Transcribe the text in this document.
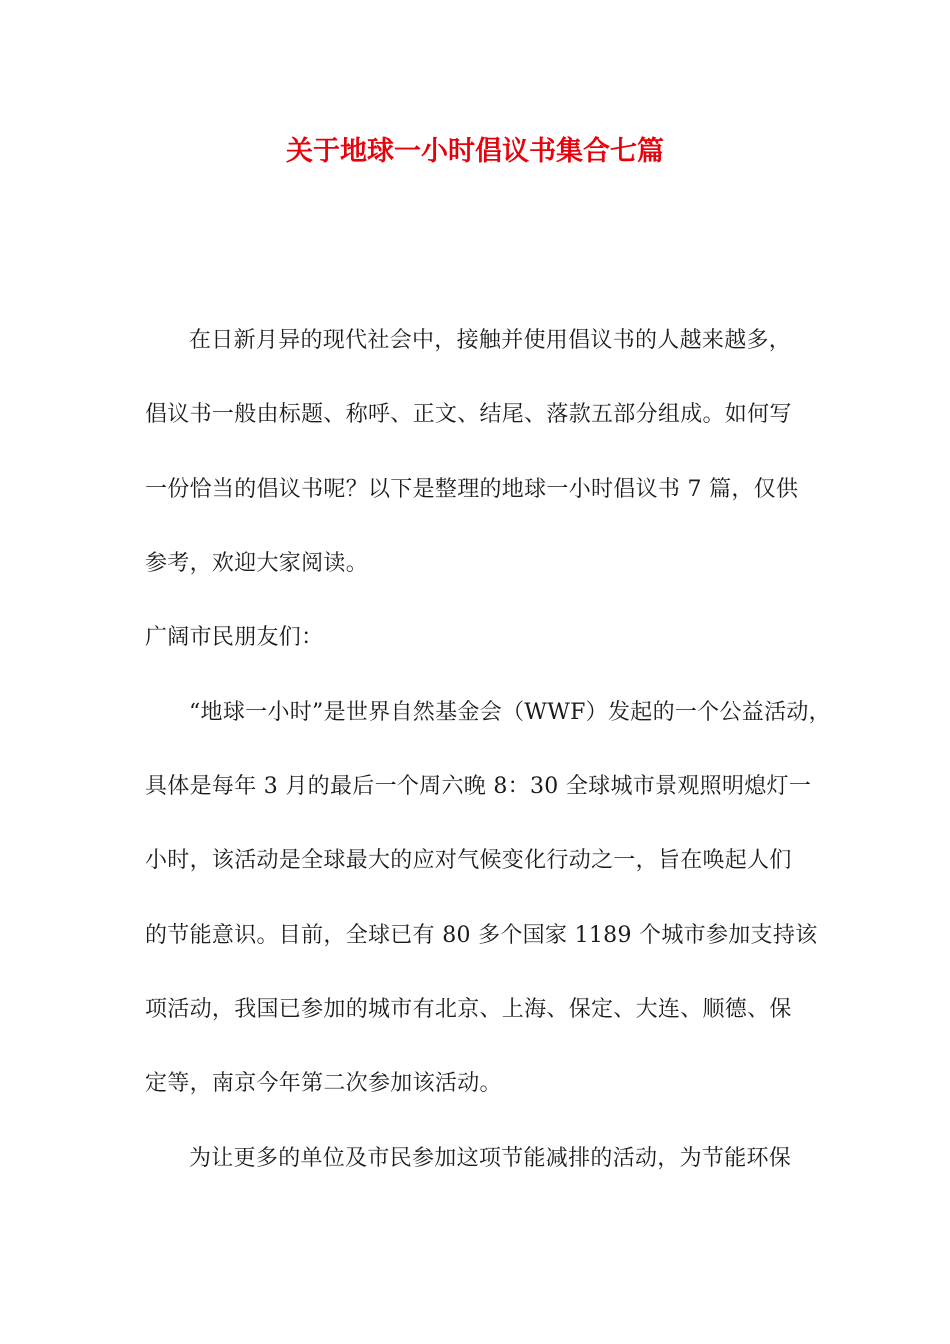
关于地球一小时倡议书集合七篇
在日新月异的现代社会中，接触并使用倡议书的人越来越多，
倡议书一般由标题、称呼、正文、结尾、落款五部分组成。如何写
一份恰当的倡议书呢？以下是整理的地球一小时倡议书 7 篇，仅供
参考，欢迎大家阅读。
广阔市民朋友们：
“地球一小时”是世界自然基金会（WWF）发起的一个公益活动，
具体是每年 3 月的最后一个周六晚 8：30 全球城市景观照明熄灯一
小时，该活动是全球最大的应对气候变化行动之一，旨在唤起人们
的节能意识。目前，全球已有 80 多个国家 1189 个城市参加支持该
项活动，我国已参加的城市有北京、上海、保定、大连、顺德、保
定等，南京今年第二次参加该活动。
为让更多的单位及市民参加这项节能减排的活动，为节能环保
